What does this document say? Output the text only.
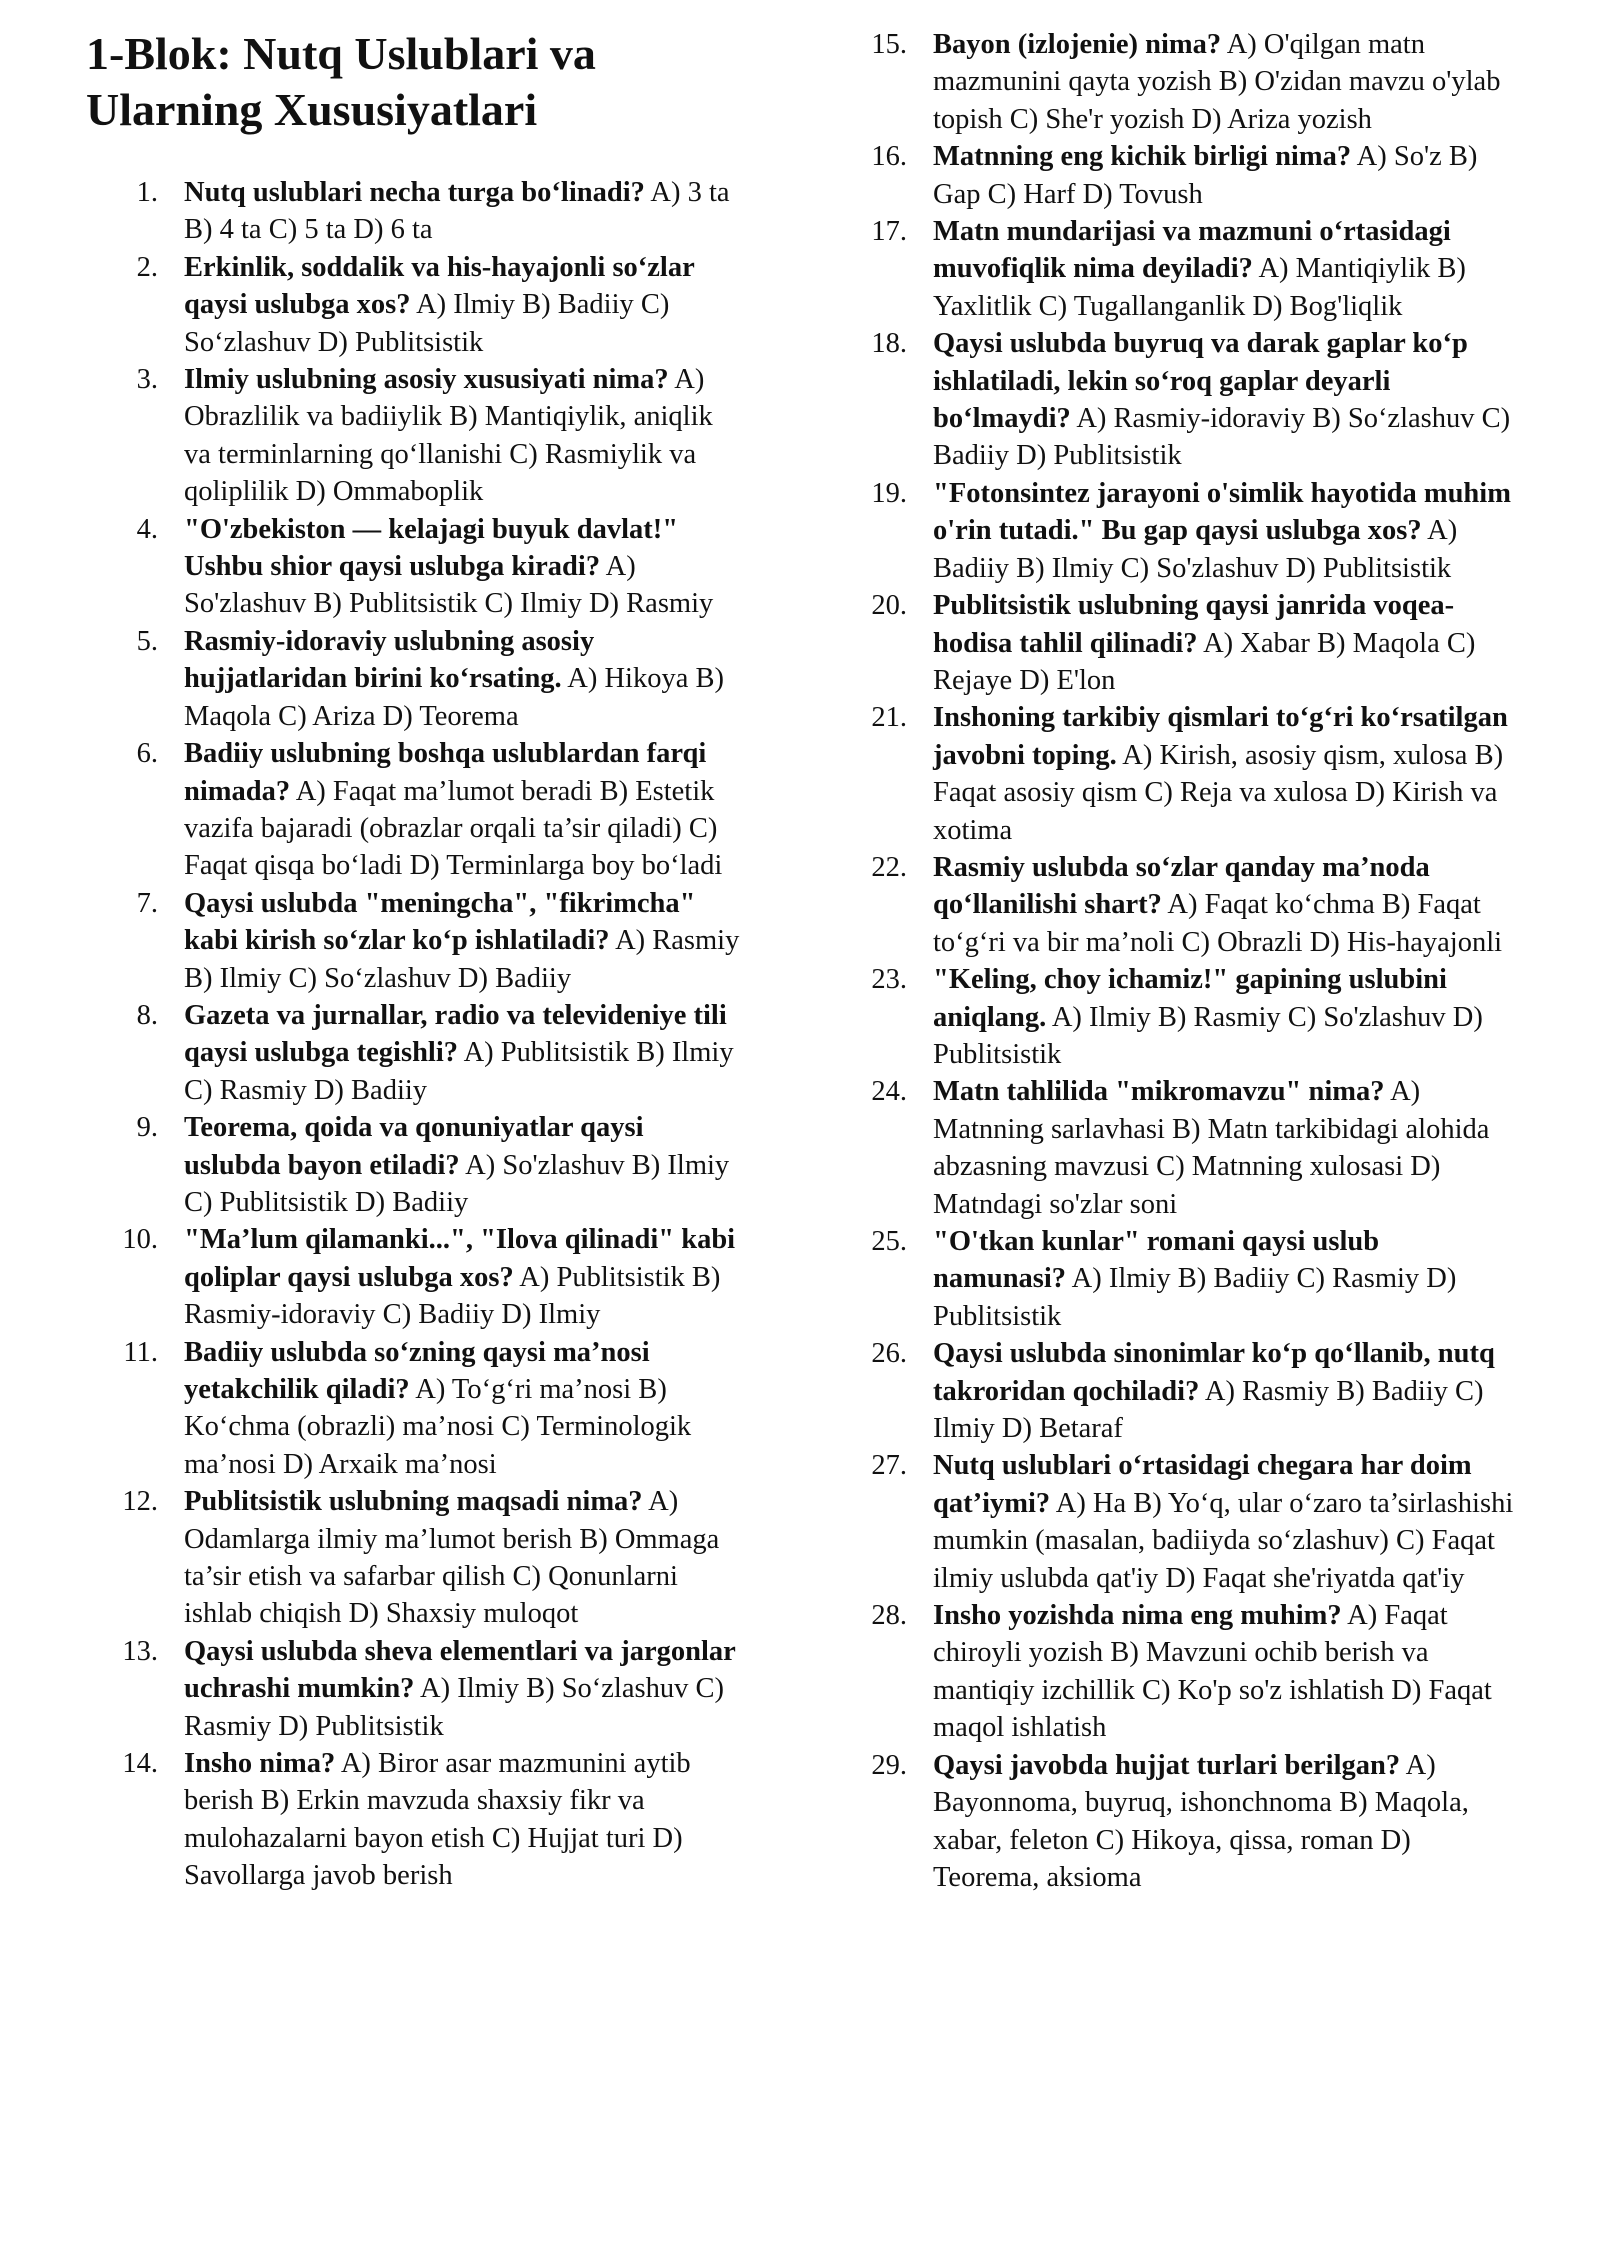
1-Blok: Nutq Uslublari va Ularning Xususiyatlari
1. Nutq uslublari necha turga bo‘linadi? A) 3 ta B) 4 ta C) 5 ta D) 6 ta
2. Erkinlik, soddalik va his-hayajonli so‘zlar qaysi uslubga xos? A) Ilmiy B) Badiiy C) So‘zlashuv D) Publitsistik
3. Ilmiy uslubning asosiy xususiyati nima? A) Obrazlilik va badiiylik B) Mantiqiylik, aniqlik va terminlarning qo‘llanishi C) Rasmiylik va qoliplilik D) Ommaboplik
4. "O'zbekiston — kelajagi buyuk davlat!" Ushbu shior qaysi uslubga kiradi? A) So'zlashuv B) Publitsistik C) Ilmiy D) Rasmiy
5. Rasmiy-idoraviy uslubning asosiy hujjatlaridan birini ko‘rsating. A) Hikoya B) Maqola C) Ariza D) Teorema
6. Badiiy uslubning boshqa uslublardan farqi nimada? A) Faqat ma’lumot beradi B) Estetik vazifa bajaradi (obrazlar orqali ta’sir qiladi) C) Faqat qisqa bo‘ladi D) Terminlarga boy bo‘ladi
7. Qaysi uslubda "meningcha", "fikrimcha" kabi kirish so‘zlar ko‘p ishlatiladi? A) Rasmiy B) Ilmiy C) So‘zlashuv D) Badiiy
8. Gazeta va jurnallar, radio va televideniye tili qaysi uslubga tegishli? A) Publitsistik B) Ilmiy C) Rasmiy D) Badiiy
9. Teorema, qoida va qonuniyatlar qaysi uslubda bayon etiladi? A) So'zlashuv B) Ilmiy C) Publitsistik D) Badiiy
10. "Ma’lum qilamanki...", "Ilova qilinadi" kabi qoliplar qaysi uslubga xos? A) Publitsistik B) Rasmiy-idoraviy C) Badiiy D) Ilmiy
11. Badiiy uslubda so‘zning qaysi ma’nosi yetakchilik qiladi? A) To‘g‘ri ma’nosi B) Ko‘chma (obrazli) ma’nosi C) Terminologik ma’nosi D) Arxaik ma’nosi
12. Publitsistik uslubning maqsadi nima? A) Odamlarga ilmiy ma’lumot berish B) Ommaga ta’sir etish va safarbar qilish C) Qonunlarni ishlab chiqish D) Shaxsiy muloqot
13. Qaysi uslubda sheva elementlari va jargonlar uchrashi mumkin? A) Ilmiy B) So‘zlashuv C) Rasmiy D) Publitsistik
14. Insho nima? A) Biror asar mazmunini aytib berish B) Erkin mavzuda shaxsiy fikr va mulohazalarni bayon etish C) Hujjat turi D) Savollarga javob berish
15. Bayon (izlojenie) nima? A) O'qilgan matn mazmunini qayta yozish B) O'zidan mavzu o'ylab topish C) She'r yozish D) Ariza yozish
16. Matnning eng kichik birligi nima? A) So'z B) Gap C) Harf D) Tovush
17. Matn mundarijasi va mazmuni o‘rtasidagi muvofiqlik nima deyiladi? A) Mantiqiylik B) Yaxlitlik C) Tugallanganlik D) Bog'liqlik
18. Qaysi uslubda buyruq va darak gaplar ko‘p ishlatiladi, lekin so‘roq gaplar deyarli bo‘lmaydi? A) Rasmiy-idoraviy B) So‘zlashuv C) Badiiy D) Publitsistik
19. "Fotonsintez jarayoni o'simlik hayotida muhim o'rin tutadi." Bu gap qaysi uslubga xos? A) Badiiy B) Ilmiy C) So'zlashuv D) Publitsistik
20. Publitsistik uslubning qaysi janrida voqea-hodisa tahlil qilinadi? A) Xabar B) Maqola C) Rejaye D) E'lon
21. Inshoning tarkibiy qismlari to‘g‘ri ko‘rsatilgan javobni toping. A) Kirish, asosiy qism, xulosa B) Faqat asosiy qism C) Reja va xulosa D) Kirish va xotima
22. Rasmiy uslubda so‘zlar qanday ma’noda qo‘llanilishi shart? A) Faqat ko‘chma B) Faqat to‘g‘ri va bir ma’noli C) Obrazli D) His-hayajonli
23. "Keling, choy ichamiz!" gapining uslubini aniqlang. A) Ilmiy B) Rasmiy C) So'zlashuv D) Publitsistik
24. Matn tahlilida "mikromavzu" nima? A) Matnning sarlavhasi B) Matn tarkibidagi alohida abzasning mavzusi C) Matnning xulosasi D) Matndagi so'zlar soni
25. "O'tkan kunlar" romani qaysi uslub namunasi? A) Ilmiy B) Badiiy C) Rasmiy D) Publitsistik
26. Qaysi uslubda sinonimlar ko‘p qo‘llanib, nutq takroridan qochiladi? A) Rasmiy B) Badiiy C) Ilmiy D) Betaraf
27. Nutq uslublari o‘rtasidagi chegara har doim qat’iymi? A) Ha B) Yo‘q, ular o‘zaro ta’sirlashishi mumkin (masalan, badiiyda so‘zlashuv) C) Faqat ilmiy uslubda qat'iy D) Faqat she'riyatda qat'iy
28. Insho yozishda nima eng muhim? A) Faqat chiroyli yozish B) Mavzuni ochib berish va mantiqiy izchillik C) Ko'p so'z ishlatish D) Faqat maqol ishlatish
29. Qaysi javobda hujjat turlari berilgan? A) Bayonnoma, buyruq, ishonchnoma B) Maqola, xabar, feleton C) Hikoya, qissa, roman D) Teorema, aksioma
